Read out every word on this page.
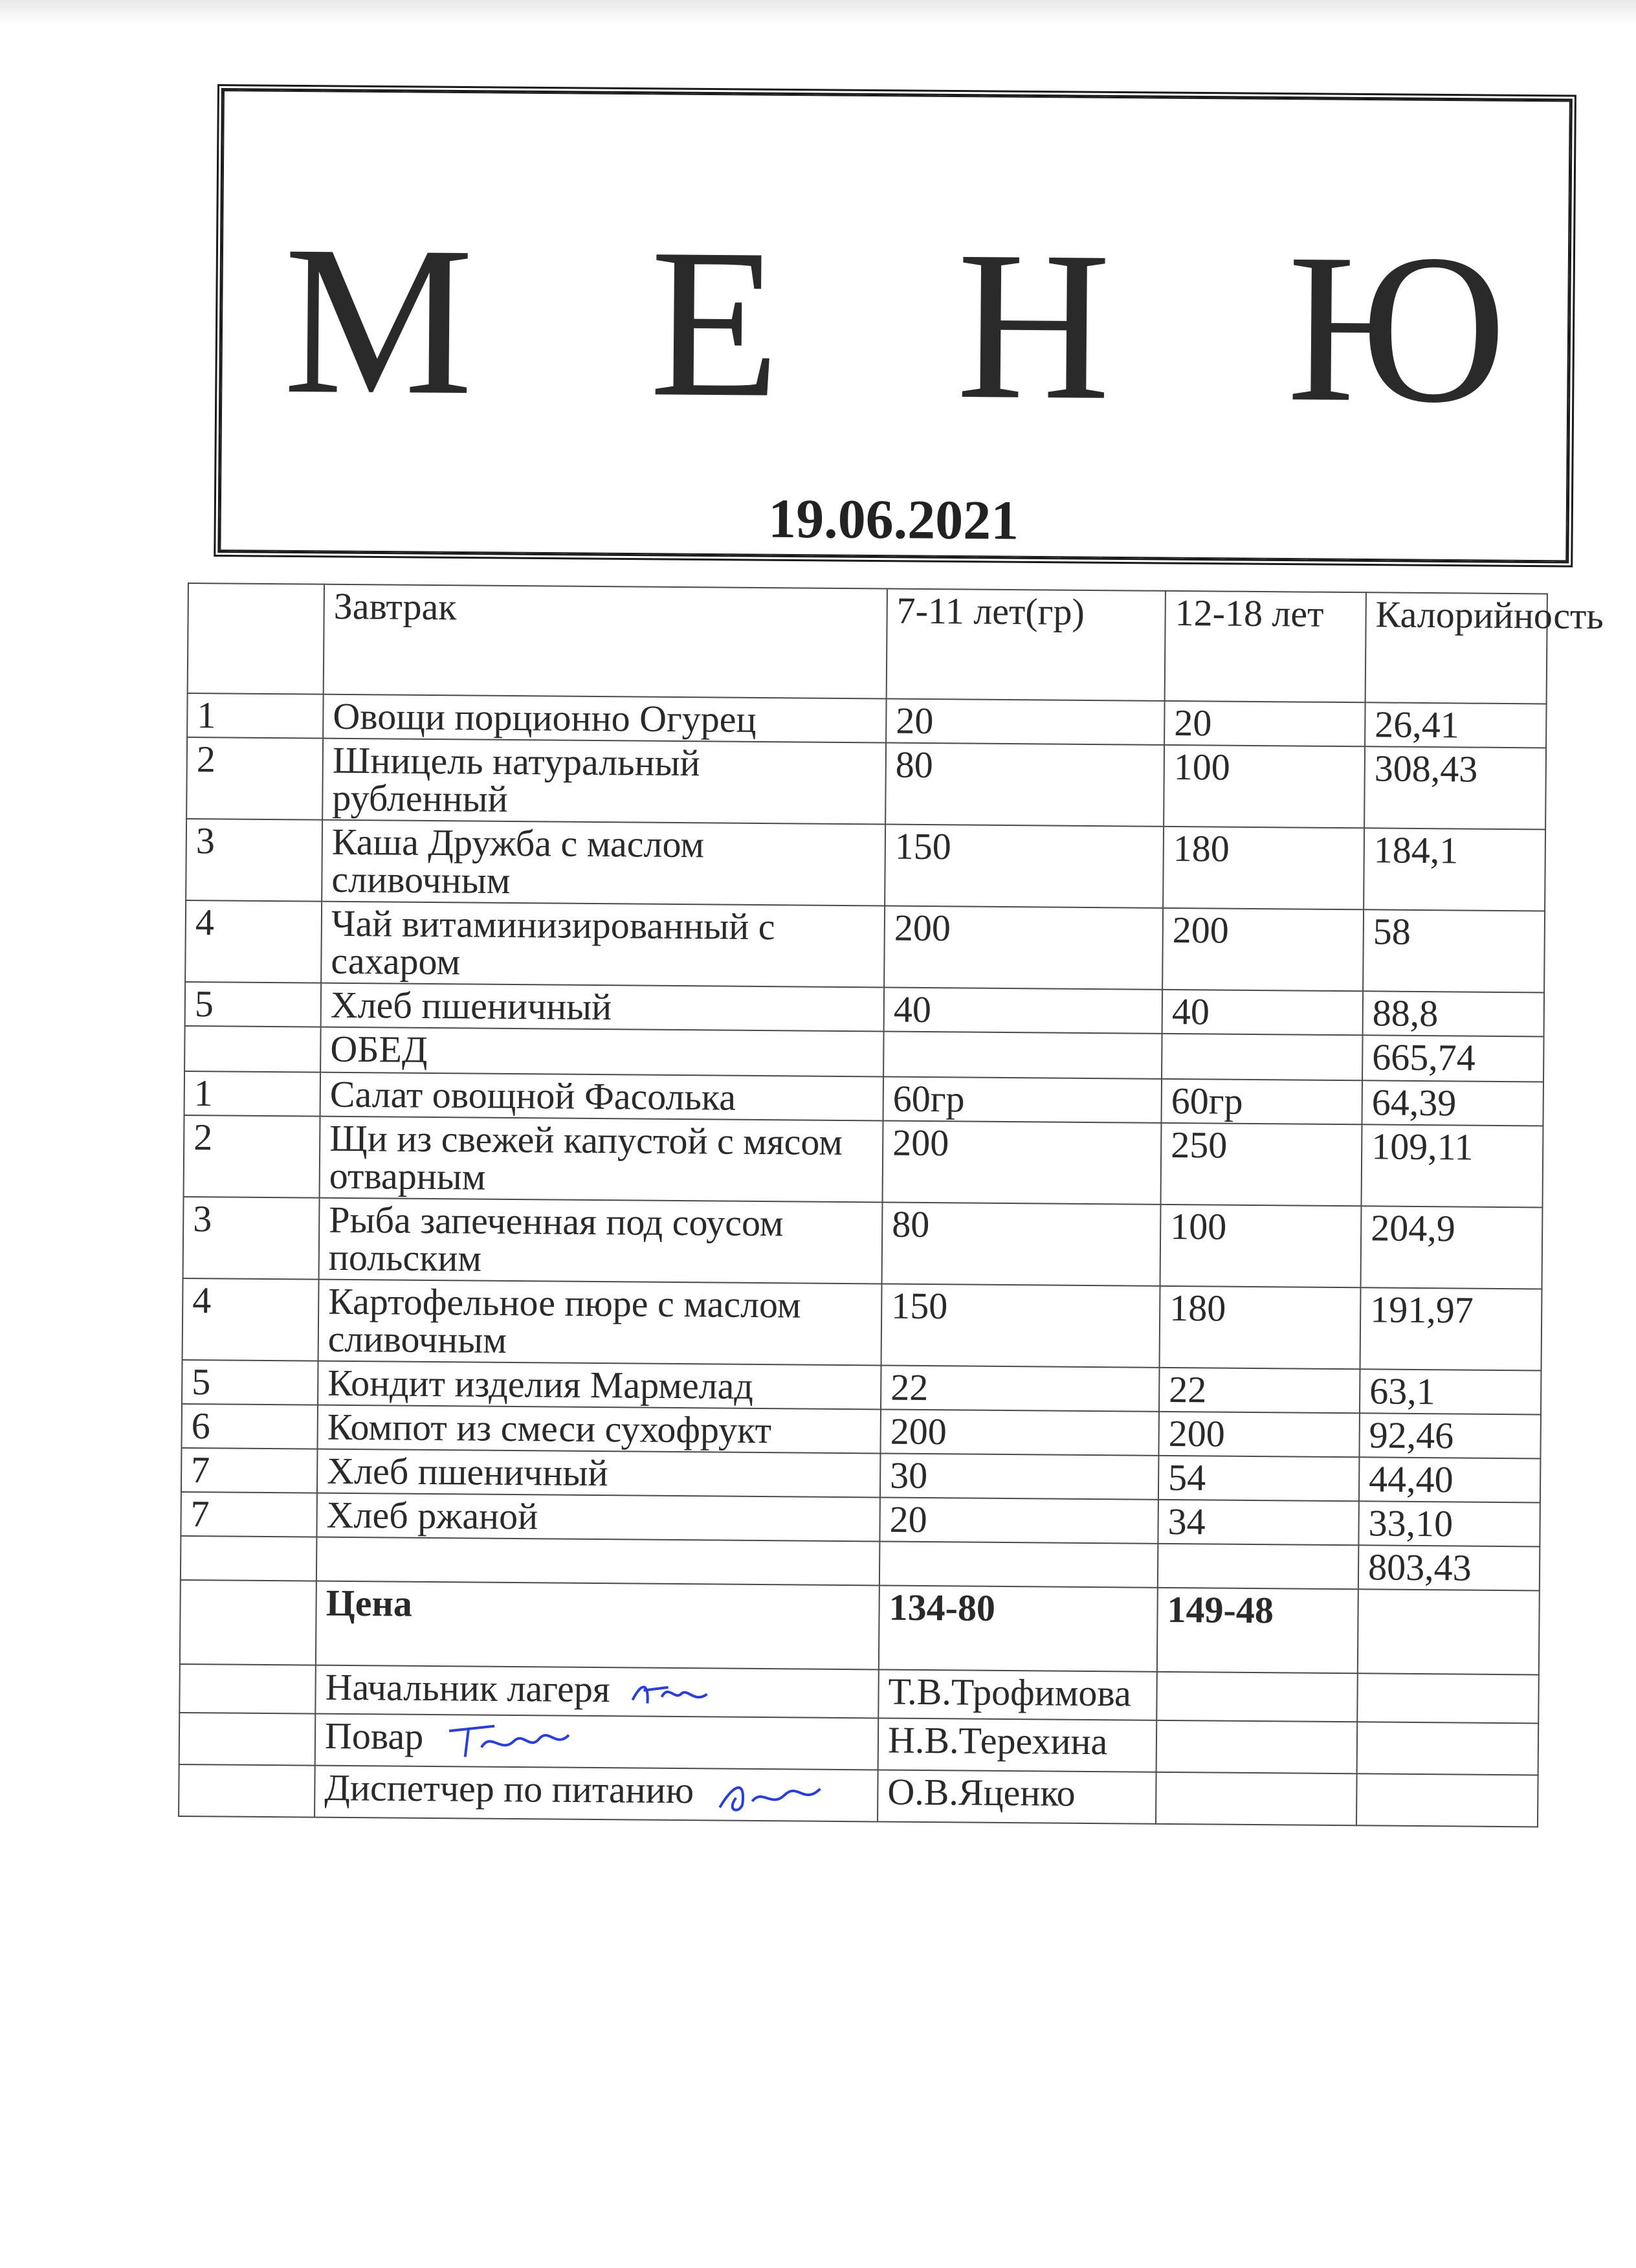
М Е Н Ю
19.06.2021
	Завтрак	7-11 лет(гр)	12-18 лет	Калорийность
1	Овощи порционно Огурец	20	20	26,41
2	Шницель натуральный рубленный	80	100	308,43
3	Каша Дружба с маслом сливочным	150	180	184,1
4	Чай витаминизированный с сахаром	200	200	58
5	Хлеб пшеничный	40	40	88,8
	ОБЕД			665,74
1	Салат овощной Фасолька	60гр	60гр	64,39
2	Щи из свежей капустой с мясом отварным	200	250	109,11
3	Рыба запеченная под соусом польским	80	100	204,9
4	Картофельное пюре с маслом сливочным	150	180	191,97
5	Кондит изделия Мармелад	22	22	63,1
6	Компот из смеси сухофрукт	200	200	92,46
7	Хлеб пшеничный	30	54	44,40
7	Хлеб ржаной	20	34	33,10
				803,43
	Цена	134-80	149-48	
	Начальник лагеря	Т.В.Трофимова		
	Повар	Н.В.Терехина		
	Диспетчер по питанию	О.В.Яценко		
